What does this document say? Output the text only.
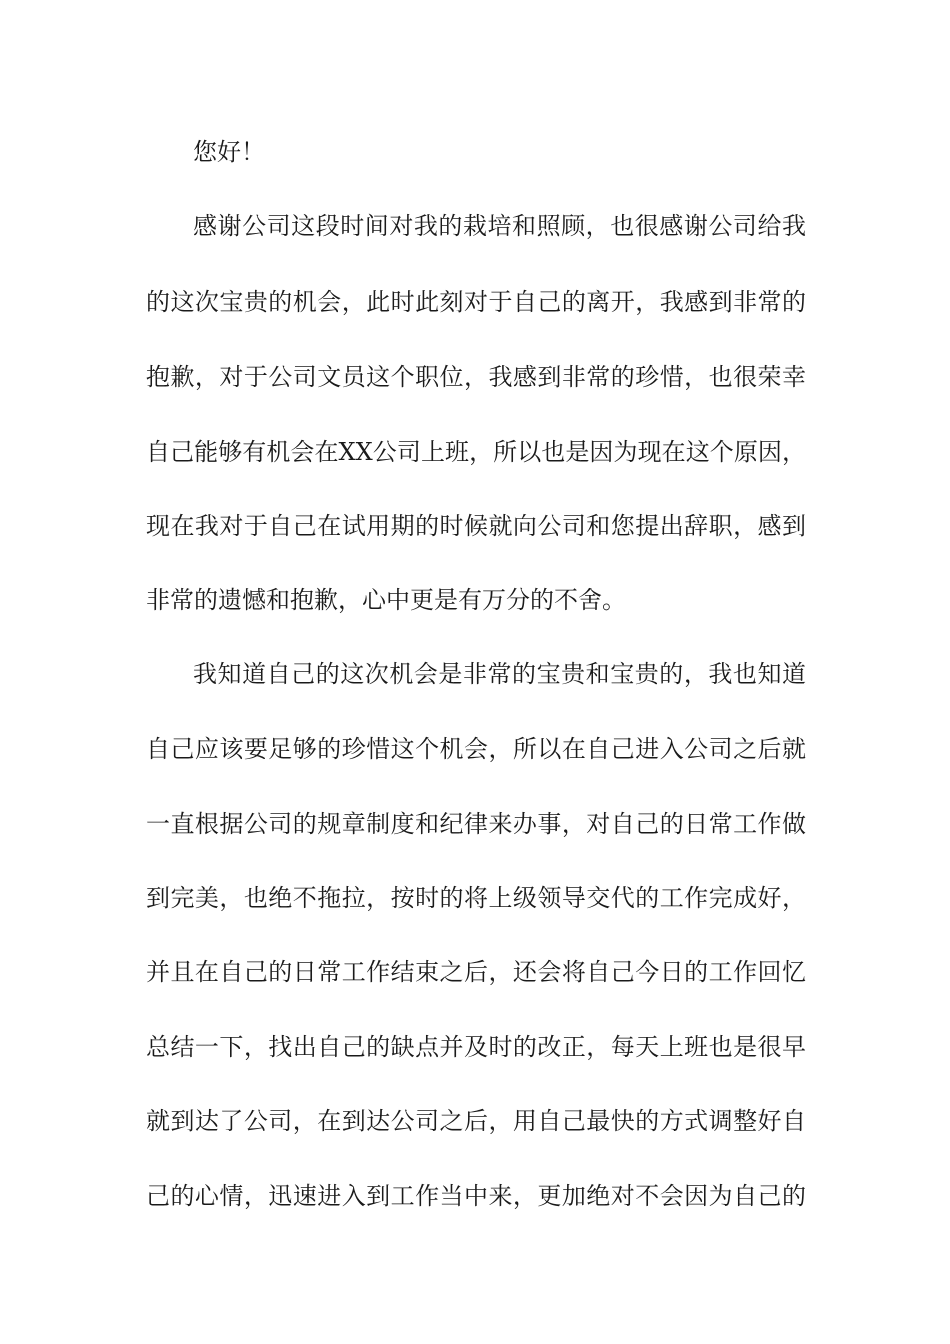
您好！
感谢公司这段时间对我的栽培和照顾，也很感谢公司给我
的这次宝贵的机会，此时此刻对于自己的离开，我感到非常的
抱歉，对于公司文员这个职位，我感到非常的珍惜，也很荣幸
自己能够有机会在XX公司上班，所以也是因为现在这个原因，
现在我对于自己在试用期的时候就向公司和您提出辞职，感到
非常的遗憾和抱歉，心中更是有万分的不舍。
我知道自己的这次机会是非常的宝贵和宝贵的，我也知道
自己应该要足够的珍惜这个机会，所以在自己进入公司之后就
一直根据公司的规章制度和纪律来办事，对自己的日常工作做
到完美，也绝不拖拉，按时的将上级领导交代的工作完成好，
并且在自己的日常工作结束之后，还会将自己今日的工作回忆
总结一下，找出自己的缺点并及时的改正，每天上班也是很早
就到达了公司，在到达公司之后，用自己最快的方式调整好自
己的心情，迅速进入到工作当中来，更加绝对不会因为自己的
